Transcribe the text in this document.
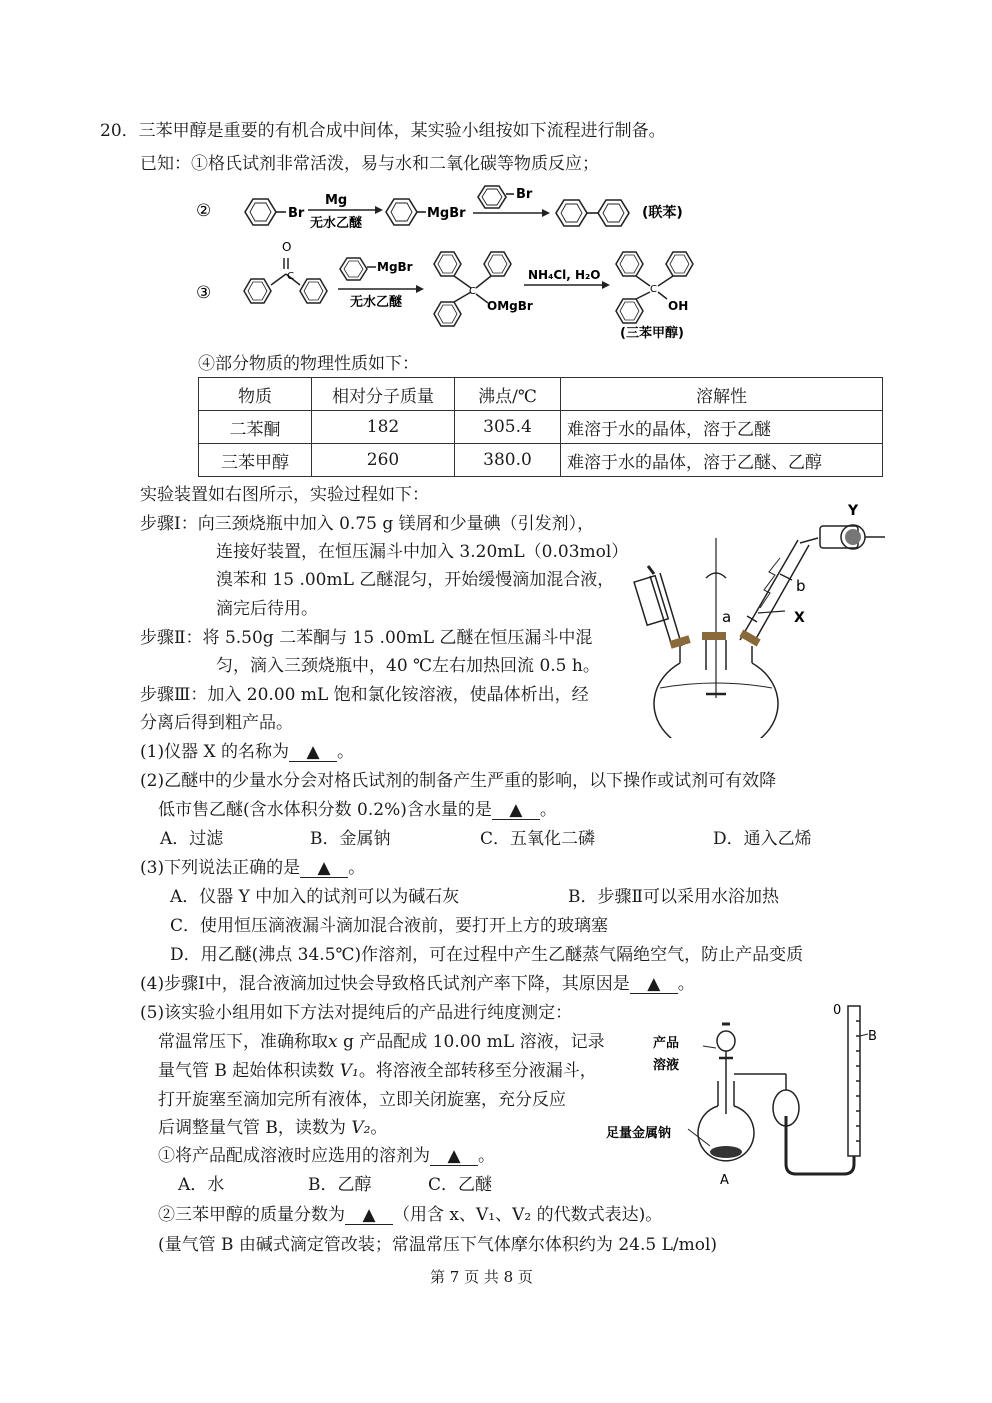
20．三苯甲醇是重要的有机合成中间体，某实验小组按如下流程进行制备。
已知：①格氏试剂非常活泼，易与水和二氧化碳等物质反应；
②	Br
Mg
无水乙醚
MgBr
Br
(联苯)
③
O
C
MgBr
无水乙醚
C
OMgBr
NH₄Cl, H₂O
C
OH
(三苯甲醇)
④部分物质的物理性质如下：
物质	相对分子质量	沸点/℃	溶解性
二苯酮	182	305.4	难溶于水的晶体，溶于乙醚
三苯甲醇	260	380.0	难溶于水的晶体，溶于乙醚、乙醇
实验装置如右图所示，实验过程如下：
步骤Ⅰ：向三颈烧瓶中加入 0.75 g 镁屑和少量碘（引发剂），
连接好装置，在恒压漏斗中加入 3.20mL（0.03mol）
溴苯和 15 .00mL 乙醚混匀，开始缓慢滴加混合液，
滴完后待用。
步骤Ⅱ：将 5.50g 二苯酮与 15 .00mL 乙醚在恒压漏斗中混
匀，滴入三颈烧瓶中，40 ℃左右加热回流 0.5 h。
步骤Ⅲ：加入 20.00 mL 饱和氯化铵溶液，使晶体析出，经
分离后得到粗产品。
Y
a
b
X
(1)仪器 X 的名称为 ▲ 。
(2)乙醚中的少量水分会对格氏试剂的制备产生严重的影响，以下操作或试剂可有效降
低市售乙醚(含水体积分数 0.2%)含水量的是 ▲ 。
A．过滤	B．金属钠	C．五氧化二磷	D．通入乙烯
(3)下列说法正确的是 ▲ 。
A．仪器 Y 中加入的试剂可以为碱石灰	B．步骤Ⅱ可以采用水浴加热
C．使用恒压滴液漏斗滴加混合液前，要打开上方的玻璃塞
D．用乙醚(沸点 34.5℃)作溶剂，可在过程中产生乙醚蒸气隔绝空气，防止产品变质
(4)步骤Ⅰ中，混合液滴加过快会导致格氏试剂产率下降，其原因是 ▲ 。
(5)该实验小组用如下方法对提纯后的产品进行纯度测定：
常温常压下，准确称取x g 产品配成 10.00 mL 溶液，记录
量气管 B 起始体积读数 V₁。将溶液全部转移至分液漏斗，
打开旋塞至滴加完所有液体，立即关闭旋塞，充分反应
后调整量气管 B，读数为 V₂。
①将产品配成溶液时应选用的溶剂为 ▲ 。
A．水	B．乙醇	C．乙醚
②三苯甲醇的质量分数为 ▲ （用含 x、V₁、V₂ 的代数式表达)。
(量气管 B 由碱式滴定管改装；常温常压下气体摩尔体积约为 24.5 L/mol)
0
B
产品
溶液
足量金属钠
A
第 7 页 共 8 页
